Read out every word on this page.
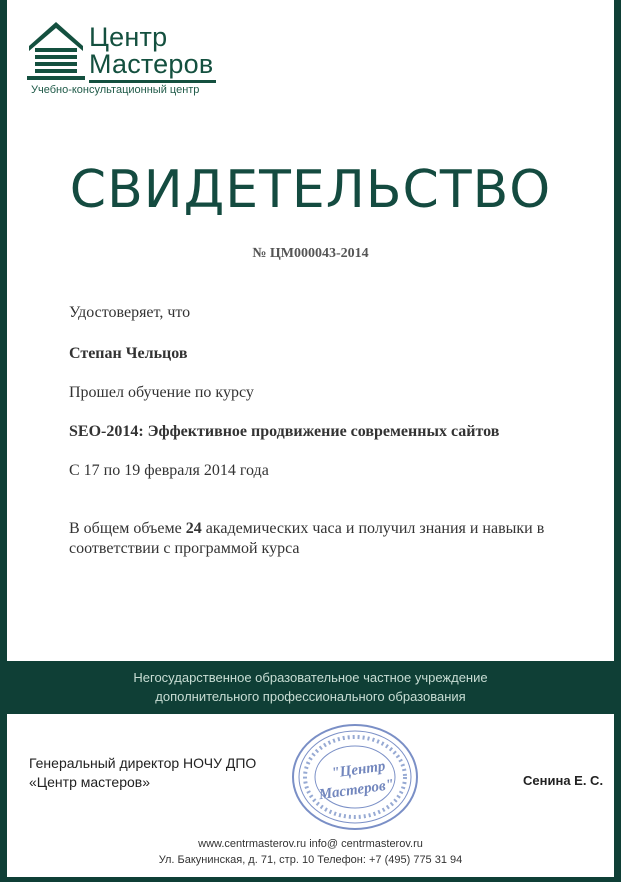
Центр
Мастеров
Учебно-консультационный центр
СВИДЕТЕЛЬСТВО
№ ЦМ000043-2014
Удостоверяет, что
Степан Чельцов
Прошел обучение по курсу
SEO-2014: Эффективное продвижение современных сайтов
С 17 по 19 февраля 2014 года
В общем объеме 24 академических часа и получил знания и навыки в соответствии с программой курса
Негосударственное образовательное частное учреждение
дополнительного профессионального образования
Генеральный директор НОЧУ ДПО
«Центр мастеров»
"Центр
Мастеров"	Сенина Е. С.
www.centrmasterov.ru info@ centrmasterov.ru
Ул. Бакунинская, д. 71, стр. 10 Телефон: +7 (495) 775 31 94
